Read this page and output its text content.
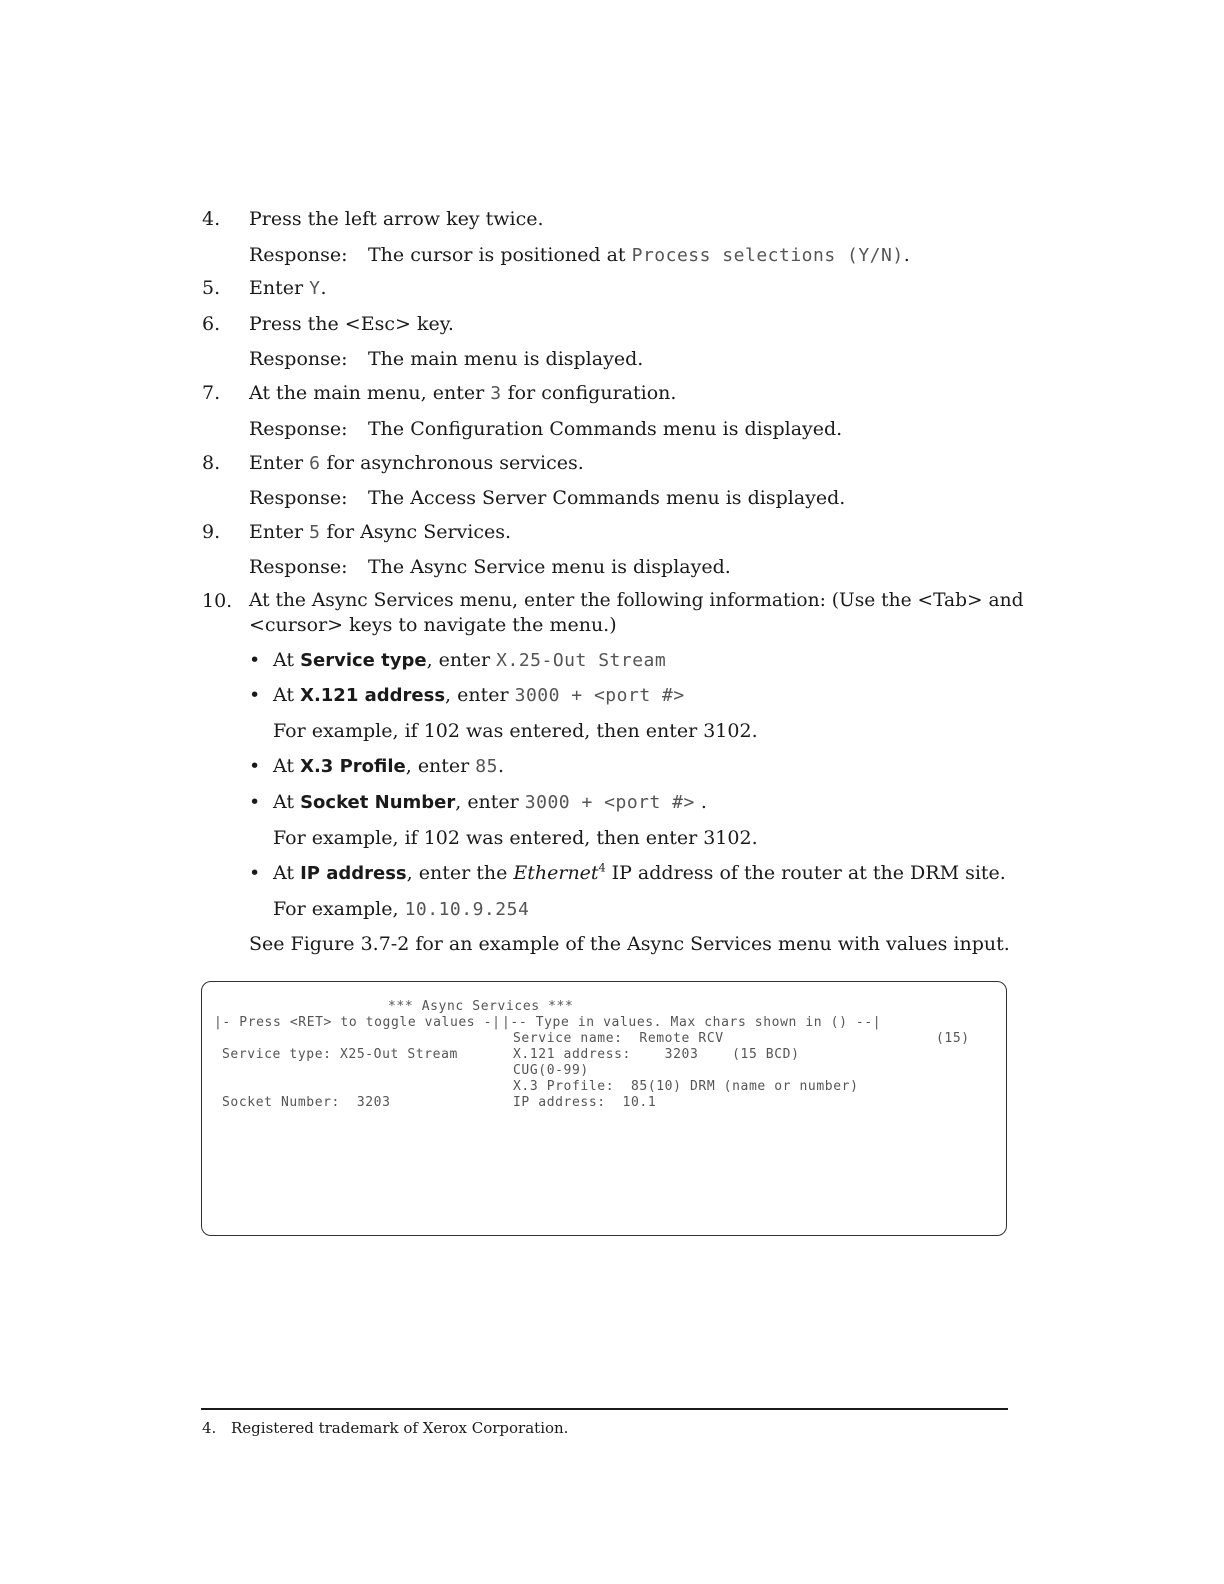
4. Press the left arrow key twice.
Response: The cursor is positioned at Process selections (Y/N).
5. Enter Y.
6. Press the <Esc> key.
Response: The main menu is displayed.
7. At the main menu, enter 3 for configuration.
Response: The Configuration Commands menu is displayed.
8. Enter 6 for asynchronous services.
Response: The Access Server Commands menu is displayed.
9. Enter 5 for Async Services.
Response: The Async Service menu is displayed.
10. At the Async Services menu, enter the following information: (Use the <Tab> and
<cursor> keys to navigate the menu.)
• At Service type, enter X.25-Out Stream
• At X.121 address, enter 3000 + <port #>
For example, if 102 was entered, then enter 3102.
• At X.3 Profile, enter 85.
• At Socket Number, enter 3000 + <port #> .
For example, if 102 was entered, then enter 3102.
• At IP address, enter the Ethernet$^4$ IP address of the router at the DRM site.
For example, 10.10.9.254
See Figure 3.7-2 for an example of the Async Services menu with values input.
*** Async Services ***
|- Press <RET> to toggle values -| |-- Type in values. Max chars shown in () --|
Service name:  Remote RCV	(15)
Service type: X25-Out Stream	X.121 address:    3203    (15 BCD)
CUG(0-99)
X.3 Profile:  85(10) DRM (name or number)
Socket Number:  3203	IP address:  10.1
4. Registered trademark of Xerox Corporation.
